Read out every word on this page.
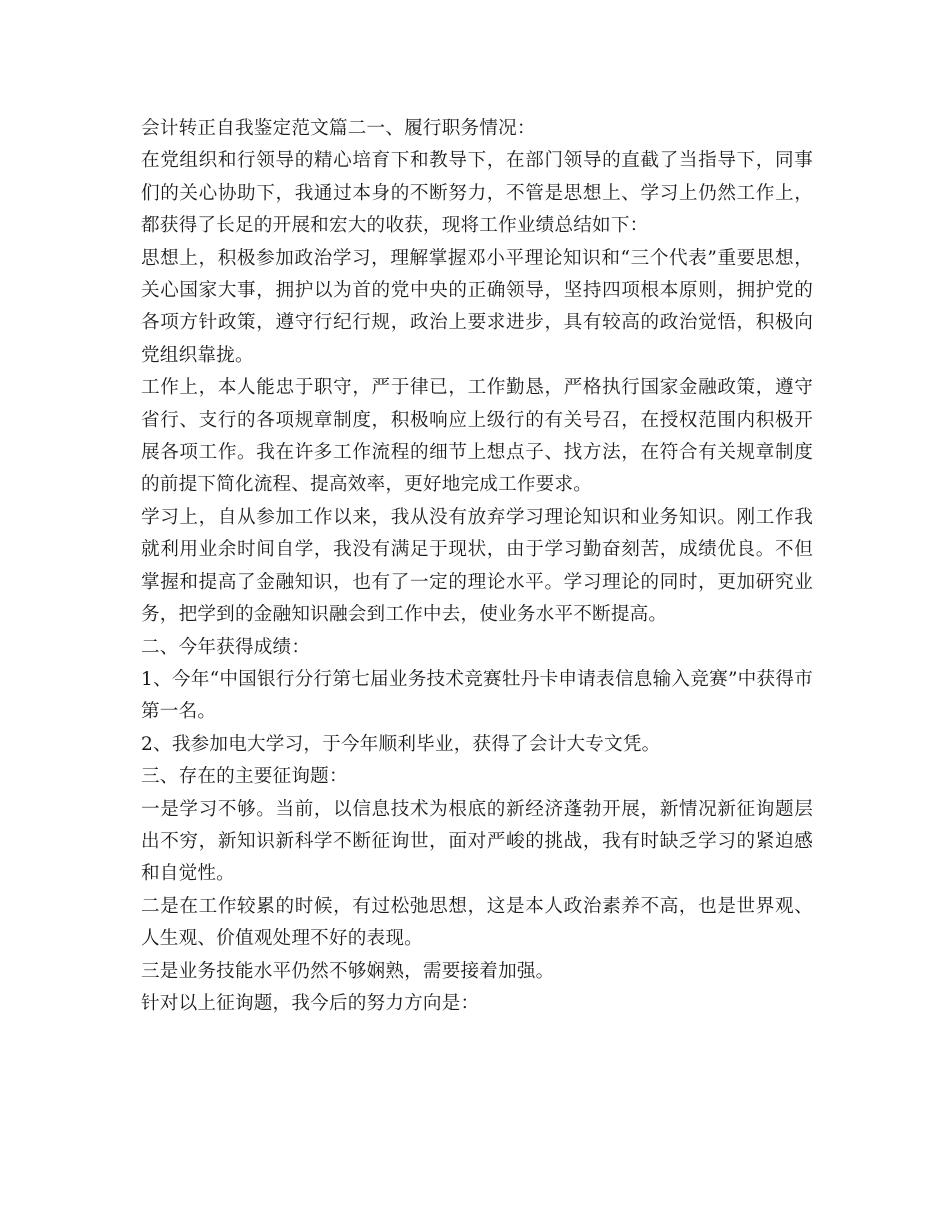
会计转正自我鉴定范文篇二一、履行职务情况：

在党组织和行领导的精心培育下和教导下，在部门领导的直截了当指导下，同事们的关心协助下，我通过本身的不断努力，不管是思想上、学习上仍然工作上，都获得了长足的开展和宏大的收获，现将工作业绩总结如下：

思想上，积极参加政治学习，理解掌握邓小平理论知识和“三个代表”重要思想，关心国家大事，拥护以为首的党中央的正确领导，坚持四项根本原则，拥护党的各项方针政策，遵守行纪行规，政治上要求进步，具有较高的政治觉悟，积极向党组织靠拢。

工作上，本人能忠于职守，严于律已，工作勤恳，严格执行国家金融政策，遵守省行、支行的各项规章制度，积极响应上级行的有关号召，在授权范围内积极开展各项工作。我在许多工作流程的细节上想点子、找方法，在符合有关规章制度的前提下简化流程、提高效率，更好地完成工作要求。

学习上，自从参加工作以来，我从没有放弃学习理论知识和业务知识。刚工作我就利用业余时间自学，我没有满足于现状，由于学习勤奋刻苦，成绩优良。不但掌握和提高了金融知识，也有了一定的理论水平。学习理论的同时，更加研究业务，把学到的金融知识融会到工作中去，使业务水平不断提高。

二、今年获得成绩：

1、今年“中国银行分行第七届业务技术竞赛牡丹卡申请表信息输入竞赛”中获得市第一名。

2、我参加电大学习，于今年顺利毕业，获得了会计大专文凭。

三、存在的主要征询题：

一是学习不够。当前，以信息技术为根底的新经济蓬勃开展，新情况新征询题层出不穷，新知识新科学不断征询世，面对严峻的挑战，我有时缺乏学习的紧迫感和自觉性。

二是在工作较累的时候，有过松弛思想，这是本人政治素养不高，也是世界观、人生观、价值观处理不好的表现。

三是业务技能水平仍然不够娴熟，需要接着加强。

针对以上征询题，我今后的努力方向是：
